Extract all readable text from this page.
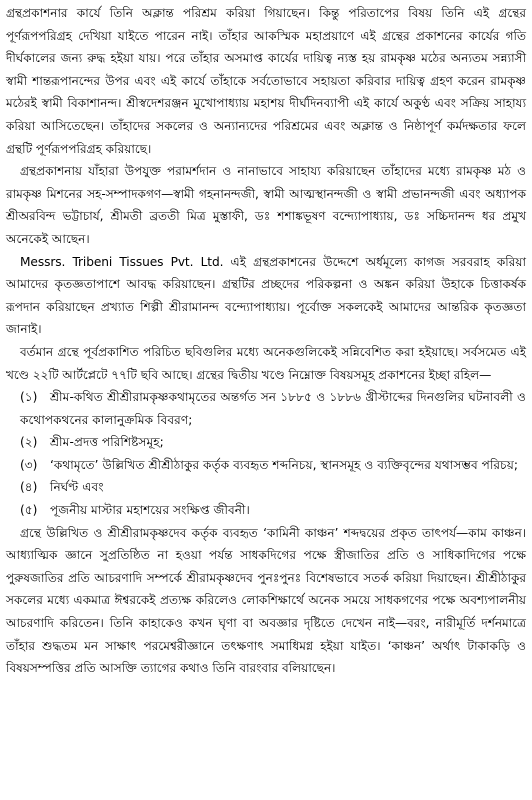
গ্রন্থপ্রকাশনার কার্যে তিনি অক্লান্ত পরিশ্রম করিয়া গিয়াছেন। কিন্তু পরিতাপের বিষয় তিনি এই গ্রন্থের পূর্ণরূপপরিগ্রহ দেখিয়া যাইতে পারেন নাই। তাঁহার আকস্মিক মহাপ্রয়াণে এই গ্রন্থের প্রকাশনের কার্যের গতি দীর্ঘকালের জন্য রুদ্ধ হইয়া যায়। পরে তাঁহার অসমাপ্ত কার্যের দায়িত্ব ন্যস্ত হয় রামকৃষ্ণ মঠের অন্যতম সন্ন্যাসী স্বামী শান্তরূপানন্দের উপর এবং এই কার্যে তাঁহাকে সর্বতোভাবে সহায়তা করিবার দায়িত্ব গ্রহণ করেন রামকৃষ্ণ মঠেরই স্বামী বিকাশানন্দ। শ্রীস্বদেশরঞ্জন মুখোপাধ্যায় মহাশয় দীর্ঘদিনব্যাপী এই কার্যে অকুণ্ঠ এবং সক্রিয় সাহায্য করিয়া আসিতেছেন। তাঁহাদের সকলের ও অন্যান্যদের পরিশ্রমের এবং অক্লান্ত ও নিষ্ঠাপূর্ণ কর্মদক্ষতার ফলে গ্রন্থটি পূর্ণরূপপরিগ্রহ করিয়াছে।

গ্রন্থপ্রকাশনায় যাঁহারা উপযুক্ত পরামর্শদান ও নানাভাবে সাহায্য করিয়াছেন তাঁহাদের মধ্যে রামকৃষ্ণ মঠ ও রামকৃষ্ণ মিশনের সহ-সম্পাদকগণ—স্বামী গহনানন্দজী, স্বামী আত্মস্থানন্দজী ও স্বামী প্রভানন্দজী এবং অধ্যাপক শ্রীঅরবিন্দ ভট্টাচার্য, শ্রীমতী ব্রততী মিত্র মুস্তাফী, ডঃ শশাঙ্কভূষণ বন্দ্যোপাধ্যায়, ডঃ সচ্চিদানন্দ ধর প্রমুখ অনেকেই আছেন।

Messrs. Tribeni Tissues Pvt. Ltd. এই গ্রন্থপ্রকাশনের উদ্দেশে অর্ধমূল্যে কাগজ সরবরাহ করিয়া আমাদের কৃতজ্ঞতাপাশে আবদ্ধ করিয়াছেন। গ্রন্থটির প্রচ্ছদের পরিকল্পনা ও অঙ্কন করিয়া উহাকে চিত্তাকর্ষক রূপদান করিয়াছেন প্রখ্যাত শিল্পী শ্রীরামানন্দ বন্দ্যোপাধ্যায়। পূর্বোক্ত সকলকেই আমাদের আন্তরিক কৃতজ্ঞতা জানাই।

বর্তমান গ্রন্থে পূর্বপ্রকাশিত পরিচিত ছবিগুলির মধ্যে অনেকগুলিকেই সন্নিবেশিত করা হইয়াছে। সর্বসমেত এই খণ্ডে ২২টি আর্টপ্লেটে ৭৭টি ছবি আছে। গ্রন্থের দ্বিতীয় খণ্ডে নিম্নোক্ত বিষয়সমূহ প্রকাশনের ইচ্ছা রহিল—

(১) শ্রীম-কথিত শ্রীশ্রীরামকৃষ্ণকথামৃতের অন্তর্গত সন ১৮৮৫ ও ১৮৮৬ খ্রীস্টাব্দের দিনগুলির ঘটনাবলী ও কথোপকথনের কালানুক্রমিক বিবরণ;

(২) শ্রীম-প্রদত্ত পরিশিষ্টসমূহ;

(৩) ‘কথামৃতে’ উল্লিখিত শ্রীশ্রীঠাকুর কর্তৃক ব্যবহৃত শব্দনিচয়, স্থানসমূহ ও ব্যক্তিবৃন্দের যথাসম্ভব পরিচয়;

(৪) নির্ঘণ্ট এবং

(৫) পূজনীয় মাস্টার মহাশয়ের সংক্ষিপ্ত জীবনী।

গ্রন্থে উল্লিখিত ও শ্রীশ্রীরামকৃষ্ণদেব কর্তৃক ব্যবহৃত ‘কামিনী কাঞ্চন’ শব্দদ্বয়ের প্রকৃত তাৎপর্য—কাম কাঞ্চন। আধ্যাত্মিক জ্ঞানে সুপ্রতিষ্ঠিত না হওয়া পর্যন্ত সাধকদিগের পক্ষে স্ত্রীজাতির প্রতি ও সাধিকাদিগের পক্ষে পুরুষজাতির প্রতি আচরণাদি সম্পর্কে শ্রীরামকৃষ্ণদেব পুনঃপুনঃ বিশেষভাবে সতর্ক করিয়া দিয়াছেন। শ্রীশ্রীঠাকুর সকলের মধ্যে একমাত্র ঈশ্বরকেই প্রত্যক্ষ করিলেও লোকশিক্ষার্থে অনেক সময়ে সাধকগণের পক্ষে অবশ্যপালনীয় আচরণাদি করিতেন। তিনি কাহাকেও কখন ঘৃণা বা অবজ্ঞার দৃষ্টিতে দেখেন নাই—বরং, নারীমূর্তি দর্শনমাত্রে তাঁহার শুদ্ধতম মন সাক্ষাৎ পরমেশ্বরীজ্ঞানে তৎক্ষণাৎ সমাধিমগ্ন হইয়া যাইত। ‘কাঞ্চন’ অর্থাৎ টাকাকড়ি ও বিষয়সম্পত্তির প্রতি আসক্তি ত্যাগের কথাও তিনি বারংবার বলিয়াছেন।
